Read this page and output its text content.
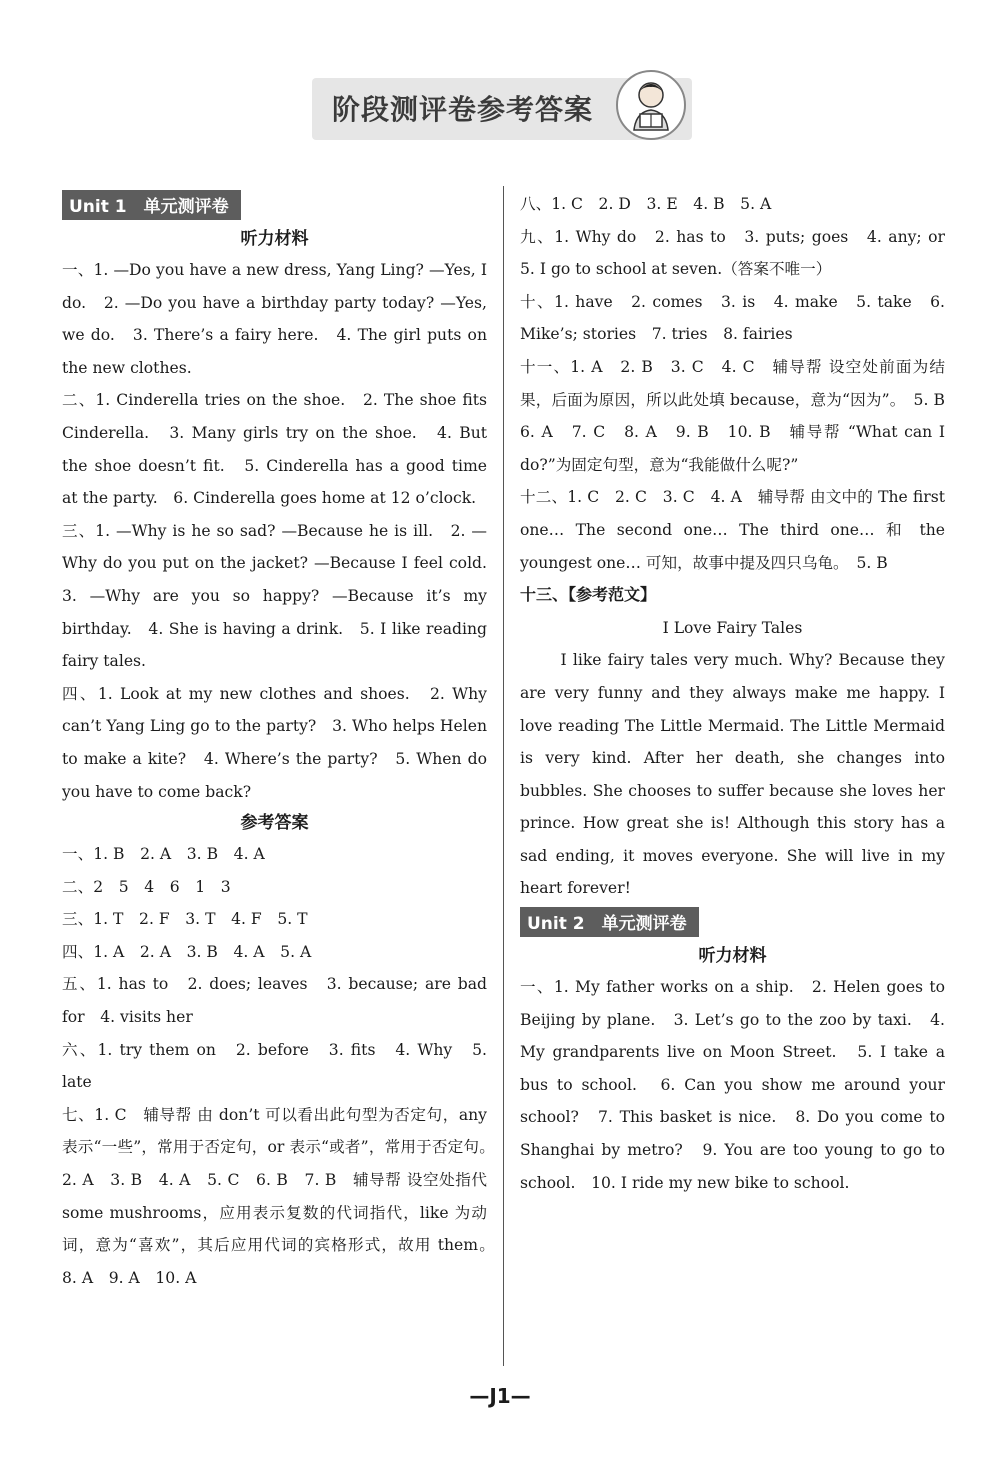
阶段测评卷参考答案
Unit 1　单元测评卷
听力材料
一、1. —Do you have a new dress, Yang Ling? —Yes, I do.　2. —Do you have a birthday party today? —Yes, we do.　3. There’s a fairy here.　4. The girl puts on the new clothes.
二、1. Cinderella tries on the shoe.　2. The shoe fits Cinderella.　3. Many girls try on the shoe.　4. But the shoe doesn’t fit.　5. Cinderella has a good time at the party.　6. Cinderella goes home at 12 o’clock.
三、1. —Why is he so sad? —Because he is ill.　2. —Why do you put on the jacket? —Because I feel cold.　3. —Why are you so happy? —Because it’s my birthday.　4. She is having a drink.　5. I like reading fairy tales.
四、1. Look at my new clothes and shoes.　2. Why can’t Yang Ling go to the party?　3. Who helps Helen to make a kite?　4. Where’s the party?　5. When do you have to come back?
参考答案
一、1. B　2. A　3. B　4. A
二、2　5　4　6　1　3
三、1. T　2. F　3. T　4. F　5. T
四、1. A　2. A　3. B　4. A　5. A
五、1. has to　2. does; leaves　3. because; are bad for　4. visits her
六、1. try them on　2. before　3. fits　4. Why　5. late
七、1. C　辅导帮 由 don’t 可以看出此句型为否定句，any 表示“一些”，常用于否定句，or 表示“或者”，常用于否定句。　2. A　3. B　4. A　5. C　6. B　7. B　辅导帮 设空处指代 some mushrooms，应用表示复数的代词指代，like 为动词，意为“喜欢”，其后应用代词的宾格形式，故用 them。　8. A　9. A　10. A
八、1. C　2. D　3. E　4. B　5. A
九、1. Why do　2. has to　3. puts; goes　4. any; or　5. I go to school at seven.（答案不唯一）
十、1. have　2. comes　3. is　4. make　5. take　6. Mike’s; stories　7. tries　8. fairies
十一、1. A　2. B　3. C　4. C　辅导帮 设空处前面为结果，后面为原因，所以此处填 because，意为“因为”。　5. B　6. A　7. C　8. A　9. B　10. B　辅导帮 “What can I do?”为固定句型，意为“我能做什么呢?”
十二、1. C　2. C　3. C　4. A　辅导帮 由文中的 The first one… The second one… The third one… 和 the youngest one… 可知，故事中提及四只乌龟。　5. B
十三、【参考范文】
I Love Fairy Tales
I like fairy tales very much. Why? Because they are very funny and they always make me happy. I love reading The Little Mermaid. The Little Mermaid is very kind. After her death, she changes into bubbles. She chooses to suffer because she loves her prince. How great she is! Although this story has a sad ending, it moves everyone. She will live in my heart forever!
Unit 2　单元测评卷
听力材料
一、1. My father works on a ship.　2. Helen goes to Beijing by plane.　3. Let’s go to the zoo by taxi.　4. My grandparents live on Moon Street.　5. I take a bus to school.　6. Can you show me around your school?　7. This basket is nice.　8. Do you come to Shanghai by metro?　9. You are too young to go to school.　10. I ride my new bike to school.
—J1—
